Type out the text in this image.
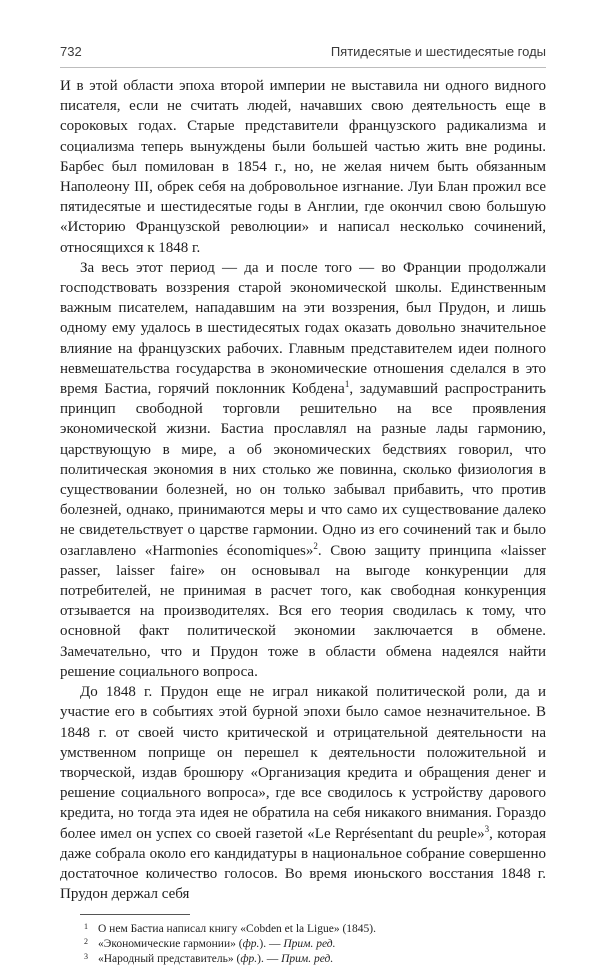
732	Пятидесятые и шестидесятые годы

И в этой области эпоха второй империи не выставила ни одного видного писателя, если не считать людей, начавших свою деятельность еще в сороковых годах. Старые представители французского радикализма и социализма теперь вынуждены были большей частью жить вне родины. Барбес был помилован в 1854 г., но, не желая ничем быть обязанным Наполеону III, обрек себя на добровольное изгнание. Луи Блан прожил все пятидесятые и шестидесятые годы в Англии, где окончил свою большую «Историю Французской революции» и написал несколько сочинений, относящихся к 1848 г.

За весь этот период — да и после того — во Франции продолжали господствовать воззрения старой экономической школы. Единственным важным писателем, нападавшим на эти воззрения, был Прудон, и лишь одному ему удалось в шестидесятых годах оказать довольно значительное влияние на французских рабочих. Главным представителем идеи полного невмешательства государства в экономические отношения сделался в это время Бастиа, горячий поклонник Кобдена$^1$, задумавший распространить принцип свободной торговли решительно на все проявления экономической жизни. Бастиа прославлял на разные лады гармонию, царствующую в мире, а об экономических бедствиях говорил, что политическая экономия в них столько же повинна, сколько физиология в существовании болезней, но он только забывал прибавить, что против болезней, однако, принимаются меры и что само их существование далеко не свидетельствует о царстве гармонии. Одно из его сочинений так и было озаглавлено «Harmonies économiques»$^2$. Свою защиту принципа «laisser passer, laisser faire» он основывал на выгоде конкуренции для потребителей, не принимая в расчет того, как свободная конкуренция отзывается на производителях. Вся его теория сводилась к тому, что основной факт политической экономии заключается в обмене. Замечательно, что и Прудон тоже в области обмена надеялся найти решение социального вопроса.

До 1848 г. Прудон еще не играл никакой политической роли, да и участие его в событиях этой бурной эпохи было самое незначительное. В 1848 г. от своей чисто критической и отрицательной деятельности на умственном поприще он перешел к деятельности положительной и творческой, издав брошюру «Организация кредита и обращения денег и решение социального вопроса», где все сводилось к устройству дарового кредита, но тогда эта идея не обратила на себя никакого внимания. Гораздо более имел он успех со своей газетой «Le Représentant du peuple»$^3$, которая даже собрала около его кандидатуры в национальное собрание совершенно достаточное количество голосов. Во время июньского восстания 1848 г. Прудон держал себя

1 О нем Бастиа написал книгу «Cobden et la Ligue» (1845).
2 «Экономические гармонии» (фр.). — Прим. ред.
3 «Народный представитель» (фр.). — Прим. ред.
